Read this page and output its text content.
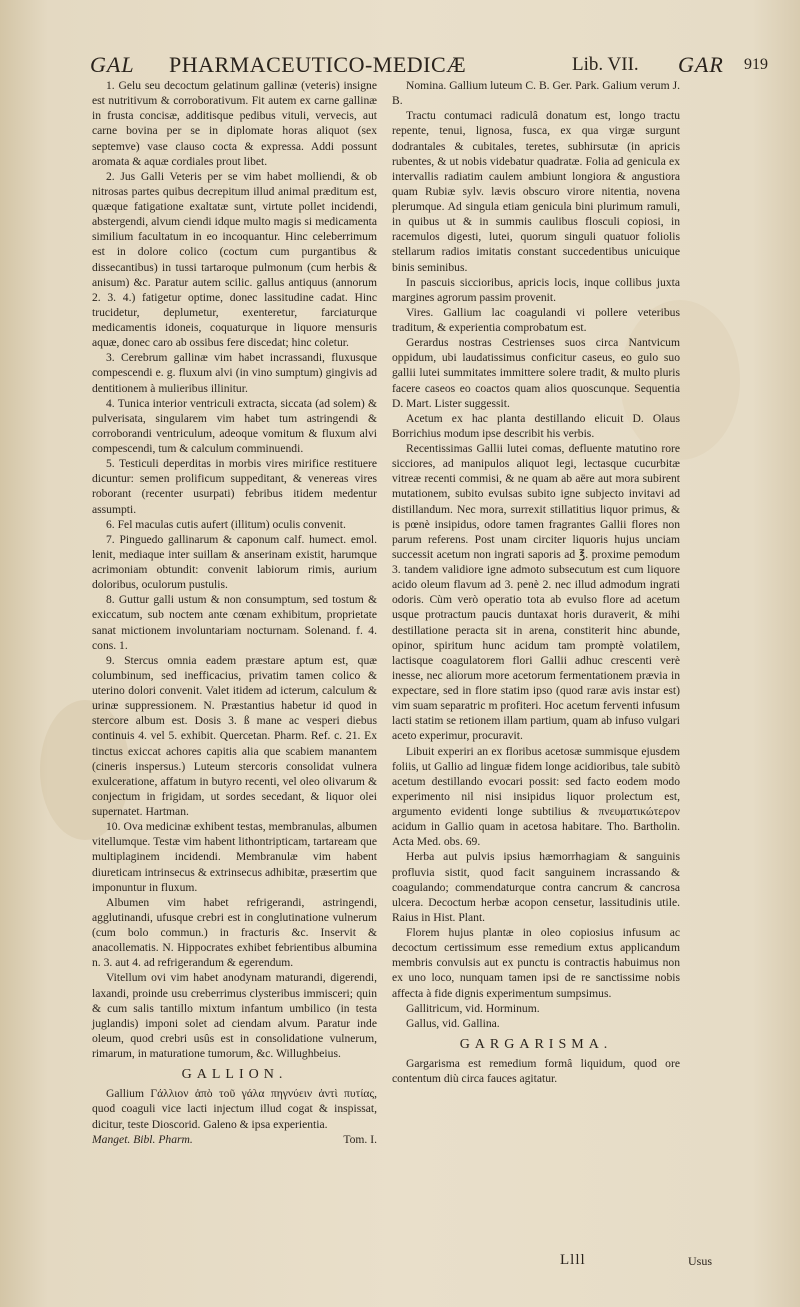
GAL PHARMACEUTICO-MEDICÆ	Lib. VII. GAR 919

1. Gelu seu decoctum gelatinum gallinæ (veteris) insigne est nutritivum & corroborativum. Fit autem ex carne gallinæ in frusta concisæ, additisque pedibus vituli, vervecis, aut carne bovina per se in diplomate horas aliquot (sex septemve) vase clauso cocta & expressa. Addi possunt aromata & aquæ cordiales prout libet.

2. Jus Galli Veteris per se vim habet molliendi, & ob nitrosas partes quibus decrepitum illud animal præditum est, quæque fatigatione exaltatæ sunt, virtute pollet incidendi, abstergendi, alvum ciendi idque multo magis si medicamenta similium facultatum in eo incoquantur. Hinc celeberrimum est in dolore colico (coctum cum purgantibus & dissecantibus) in tussi tartaroque pulmonum (cum herbis & anisum) &c. Paratur autem scilic. gallus antiquus (annorum 2. 3. 4.) fatigetur optime, donec lassitudine cadat. Hinc trucidetur, deplumetur, exenteretur, farciaturque medicamentis idoneis, coquaturque in liquore mensuris aquæ, donec caro ab ossibus fere discedat; hinc coletur.

3. Cerebrum gallinæ vim habet incrassandi, fluxusque compescendi e. g. fluxum alvi (in vino sumptum) gingivis ad dentitionem à mulieribus illinitur.

4. Tunica interior ventriculi extracta, siccata (ad solem) & pulverisata, singularem vim habet tum astringendi & corroborandi ventriculum, adeoque vomitum & fluxum alvi compescendi, tum & calculum comminuendi.

5. Testiculi deperditas in morbis vires mirifice restituere dicuntur: semen prolificum suppeditant, & venereas vires roborant (recenter usurpati) febribus itidem medentur assumpti.

6. Fel maculas cutis aufert (illitum) oculis convenit.

7. Pinguedo gallinarum & caponum calf. humect. emol. lenit, mediaque inter suillam & anserinam existit, harumque acrimoniam obtundit: convenit labiorum rimis, aurium doloribus, oculorum pustulis.

8. Guttur galli ustum & non consumptum, sed tostum & exiccatum, sub noctem ante cœnam exhibitum, proprietate sanat mictionem involuntariam nocturnam. Solenand. f. 4. cons. 1.

9. Stercus omnia eadem præstare aptum est, quæ columbinum, sed inefficacius, privatim tamen colico & uterino dolori convenit. Valet itidem ad icterum, calculum & urinæ suppressionem. N. Præstantius habetur id quod in stercore album est. Dosis 3. ß mane ac vesperi diebus continuis 4. vel 5. exhibit. Quercetan. Pharm. Ref. c. 21. Ex tinctus exiccat achores capitis alia que scabiem manantem (cineris inspersus.) Luteum stercoris consolidat vulnera exulceratione, affatum in butyro recenti, vel oleo olivarum & conjectum in frigidam, ut sordes secedant, & liquor olei supernatet. Hartman.

10. Ova medicinæ exhibent testas, membranulas, albumen vitellumque. Testæ vim habent lithontripticam, tartaream que multiplaginem incidendi. Membranulæ vim habent diureticam intrinsecus & extrinsecus adhibitæ, præsertim que imponuntur in fluxum.

Albumen vim habet refrigerandi, astringendi, agglutinandi, ufusque crebri est in conglutinatione vulnerum (cum bolo commun.) in fracturis &c. Inservit & anacollematis. N. Hippocrates exhibet febrientibus albumina n. 3. aut 4. ad refrigerandum & egerendum.

Vitellum ovi vim habet anodynam maturandi, digerendi, laxandi, proinde usu creberrimus clysteribus immisceri; quin & cum salis tantillo mixtum infantum umbilico (in testa juglandis) imponi solet ad ciendam alvum. Paratur inde oleum, quod crebri usûs est in consolidatione vulnerum, rimarum, in maturatione tumorum, &c. Willughbeius.

GALLION.

Gallium Γάλλιον ἀπὸ τοῦ γάλα πηγνύειν ἀντὶ πυτίας, quod coaguli vice lacti injectum illud cogat & inspissat, dicitur, teste Dioscorid. Galeno & ipsa experientia.

Manget. Bibl. Pharm.	Tom. I.

Nomina. Gallium luteum C. B. Ger. Park. Galium verum J. B.

Tractu contumaci radiculâ donatum est, longo tractu repente, tenui, lignosa, fusca, ex qua virgæ surgunt dodrantales & cubitales, teretes, subhirsutæ (in apricis rubentes, & ut nobis videbatur quadratæ. Folia ad genicula ex intervallis radiatim caulem ambiunt longiora & angustiora quam Rubiæ sylv. lævis obscuro virore nitentia, novena plerumque. Ad singula etiam genicula bini plurimum ramuli, in quibus ut & in summis caulibus flosculi copiosi, in racemulos digesti, lutei, quorum singuli quatuor foliolis stellarum radios imitatis constant succedentibus unicuique binis seminibus.

In pascuis siccioribus, apricis locis, inque collibus juxta margines agrorum passim provenit.

Vires. Gallium lac coagulandi vi pollere veteribus traditum, & experientia comprobatum est.

Gerardus nostras Cestrienses suos circa Nantvicum oppidum, ubi laudatissimus conficitur caseus, eo gulo suo gallii lutei summitates immittere solere tradit, & multo pluris facere caseos eo coactos quam alios quoscunque. Sequentia D. Mart. Lister suggessit.

Acetum ex hac planta destillando elicuit D. Olaus Borrichius modum ipse describit his verbis.

Recentissimas Gallii lutei comas, defluente matutino rore sicciores, ad manipulos aliquot legi, lectasque cucurbitæ vitreæ recenti commisi, & ne quam ab aëre aut mora subirent mutationem, subito evulsas subito igne subjecto invitavi ad distillandum. Nec mora, surrexit stillatitius liquor primus, & is pœnè insipidus, odore tamen fragrantes Gallii flores non parum referens. Post unam circiter liquoris hujus unciam successit acetum non ingrati saporis ad ℥. proxime pemodum 3. tandem validiore igne admoto subsecutum est cum liquore acido oleum flavum ad 3. penè 2. nec illud admodum ingrati odoris. Cùm verò operatio tota ab evulso flore ad acetum usque protractum paucis duntaxat horis duraverit, & mihi destillatione peracta sit in arena, constiterit hinc abunde, opinor, spiritum hunc acidum tam promptè volatilem, lactisque coagulatorem flori Gallii adhuc crescenti verè inesse, nec aliorum more acetorum fermentationem prævia in expectare, sed in flore statim ipso (quod raræ avis instar est) vim suam separatric m profiteri. Hoc acetum ferventi infusum lacti statim se retionem illam partium, quam ab infuso vulgari aceto experimur, procuravit.

Libuit experiri an ex floribus acetosæ summisque ejusdem foliis, ut Gallio ad linguæ fidem longe acidioribus, tale subitò acetum destillando evocari possit: sed facto eodem modo experimento nil nisi insipidus liquor prolectum est, argumento evidenti longe subtilius & πνευματικώτερον acidum in Gallio quam in acetosa habitare. Tho. Bartholin. Acta Med. obs. 69.

Herba aut pulvis ipsius hæmorrhagiam & sanguinis profluvia sistit, quod facit sanguinem incrassando & coagulando; commendaturque contra cancrum & cancrosa ulcera. Decoctum herbæ acopon censetur, lassitudinis utile. Raius in Hist. Plant.

Florem hujus plantæ in oleo copiosius infusum ac decoctum certissimum esse remedium extus applicandum membris convulsis aut ex punctu is contractis habuimus non ex uno loco, nunquam tamen ipsi de re sanctissime nobis affecta à fide dignis experimentum sumpsimus.

Gallitricum, vid. Horminum.

Gallus, vid. Gallina.

GARGARISMA.

Gargarisma est remedium formâ liquidum, quod ore contentum diù circa fauces agitatur.

Llll	Usus
